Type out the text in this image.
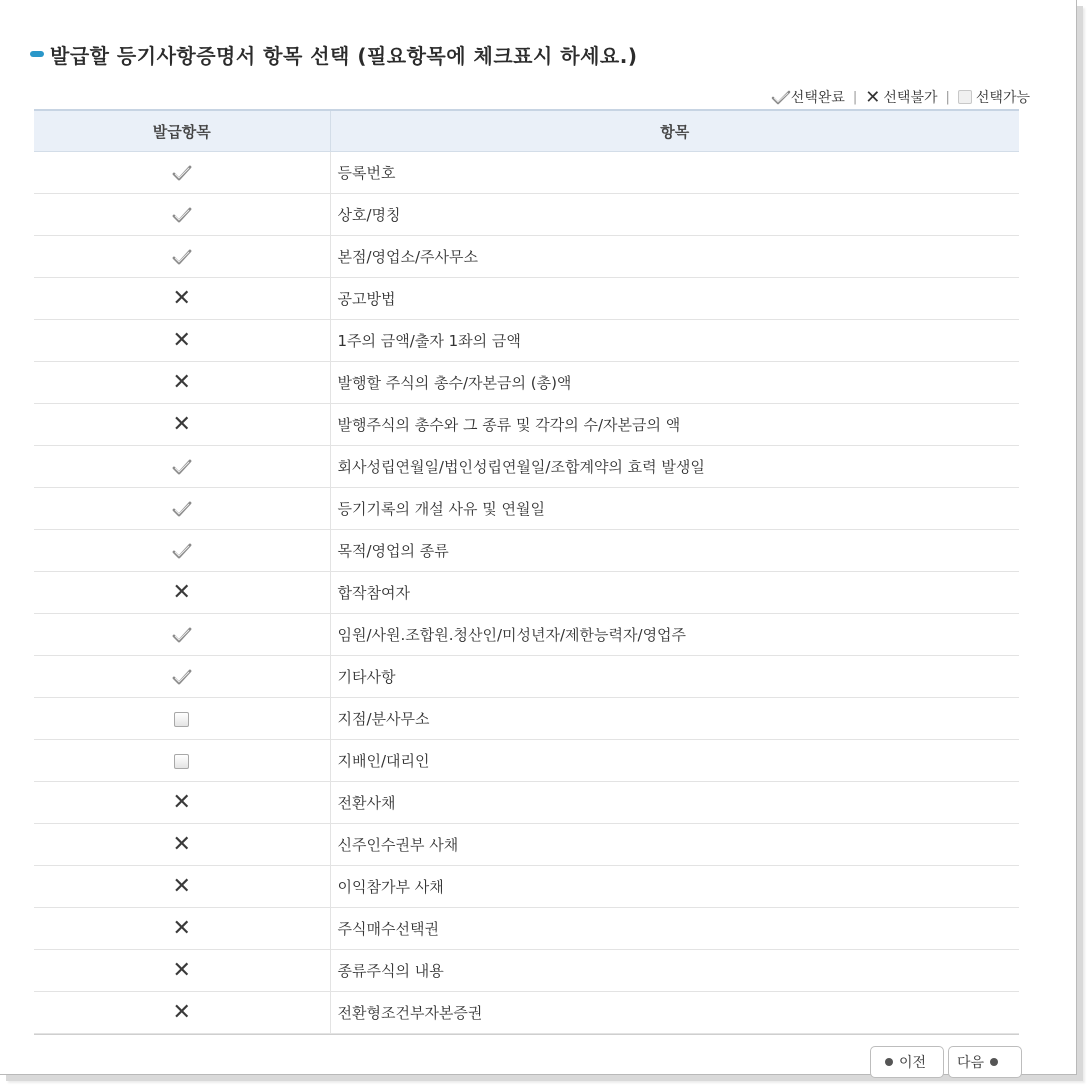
발급할 등기사항증명서 항목 선택 (필요항목에 체크표시 하세요.)
선택완료 | ✕ 선택불가 | 선택가능
발급항목	항목
	등록번호
	상호/명칭
	본점/영업소/주사무소
✕	공고방법
✕	1주의 금액/출자 1좌의 금액
✕	발행할 주식의 총수/자본금의 (총)액
✕	발행주식의 총수와 그 종류 및 각각의 수/자본금의 액
	회사성립연월일/법인성립연월일/조합계약의 효력 발생일
	등기기록의 개설 사유 및 연월일
	목적/영업의 종류
✕	합작참여자
	임원/사원.조합원.청산인/미성년자/제한능력자/영업주
	기타사항
	지점/분사무소
	지배인/대리인
✕	전환사채
✕	신주인수권부 사채
✕	이익참가부 사채
✕	주식매수선택권
✕	종류주식의 내용
✕	전환형조건부자본증권
이전 다음
